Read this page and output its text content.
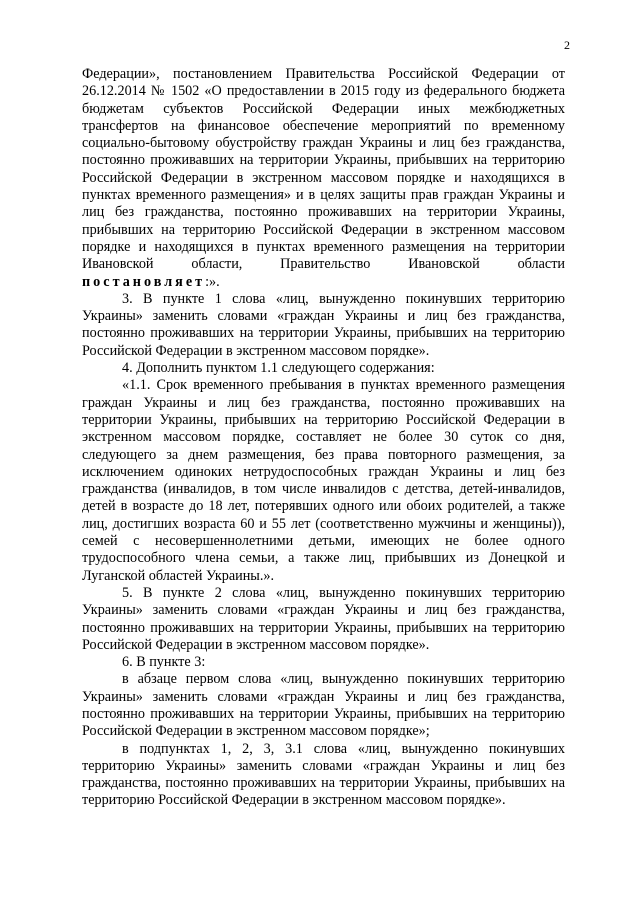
2

Федерации», постановлением Правительства Российской Федерации от 26.12.2014 № 1502 «О предоставлении в 2015 году из федерального бюджета бюджетам субъектов Российской Федерации иных межбюджетных трансфертов на финансовое обеспечение мероприятий по временному социально-бытовому обустройству граждан Украины и лиц без гражданства, постоянно проживавших на территории Украины, прибывших на территорию Российской Федерации в экстренном массовом порядке и находящихся в пунктах временного размещения» и в целях защиты прав граждан Украины и лиц без гражданства, постоянно проживавших на территории Украины, прибывших на территорию Российской Федерации в экстренном массовом порядке и находящихся в пунктах временного размещения на территории Ивановской области, Правительство Ивановской области постановляет:».

3. В пункте 1 слова «лиц, вынужденно покинувших территорию Украины» заменить словами «граждан Украины и лиц без гражданства, постоянно проживавших на территории Украины, прибывших на территорию Российской Федерации в экстренном массовом порядке».

4. Дополнить пунктом 1.1 следующего содержания:

«1.1. Срок временного пребывания в пунктах временного размещения граждан Украины и лиц без гражданства, постоянно проживавших на территории Украины, прибывших на территорию Российской Федерации в экстренном массовом порядке, составляет не более 30 суток со дня, следующего за днем размещения, без права повторного размещения, за исключением одиноких нетрудоспособных граждан Украины и лиц без гражданства (инвалидов, в том числе инвалидов с детства, детей-инвалидов, детей в возрасте до 18 лет, потерявших одного или обоих родителей, а также лиц, достигших возраста 60 и 55 лет (соответственно мужчины и женщины)), семей с несовершеннолетними детьми, имеющих не более одного трудоспособного члена семьи, а также лиц, прибывших из Донецкой и Луганской областей Украины.».

5. В пункте 2 слова «лиц, вынужденно покинувших территорию Украины» заменить словами «граждан Украины и лиц без гражданства, постоянно проживавших на территории Украины, прибывших на территорию Российской Федерации в экстренном массовом порядке».

6. В пункте 3:

в абзаце первом слова «лиц, вынужденно покинувших территорию Украины» заменить словами «граждан Украины и лиц без гражданства, постоянно проживавших на территории Украины, прибывших на территорию Российской Федерации в экстренном массовом порядке»;

в подпунктах 1, 2, 3, 3.1 слова «лиц, вынужденно покинувших территорию Украины» заменить словами «граждан Украины и лиц без гражданства, постоянно проживавших на территории Украины, прибывших на территорию Российской Федерации в экстренном массовом порядке».
